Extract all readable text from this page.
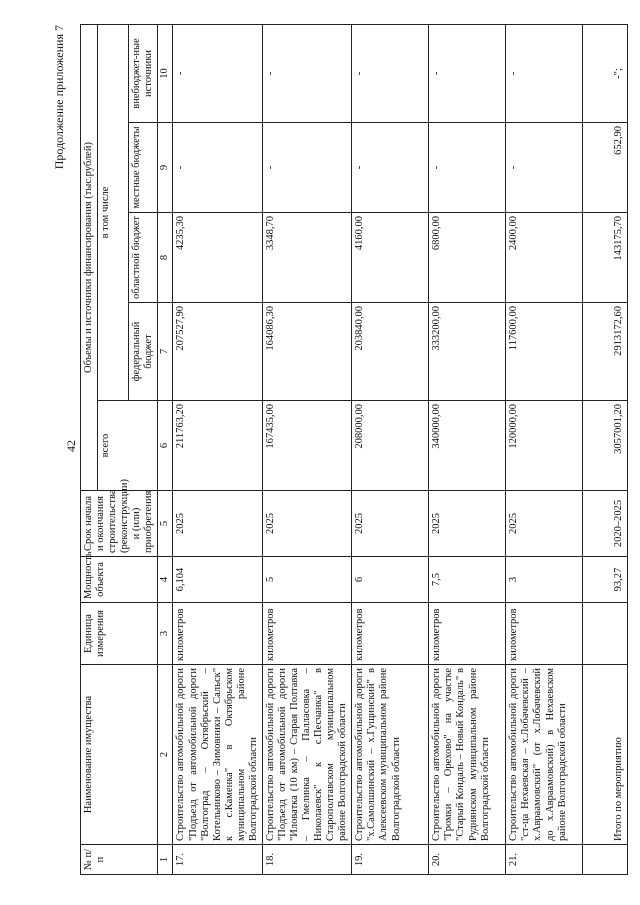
42
Продолжение приложения 7
№ п/п	Наименование имущества	Единица измерения	Мощность объекта	Срок начала и окончания строительства (реконструкции) и (или) приобретения	Объемы и источники финансирования (тыс.рублей)				
					всего	в том числе			
						федеральный бюджет	областной бюджет	местные бюджеты	внебюджет-ные источники
1	2	3	4	5	6	7	8	9	10
17.	Строительство автомобильной дороги "Подъезд от автомобильной дороги "Волгоград – Октябрьский – Котельниково – Зимовники – Сальск" к с.Каменка" в Октябрьском муниципальном районе Волгоградской области	километров	6,104	2025	211763,20	207527,90	4235,30	-	-
18.	Строительство автомобильной дороги "Подъезд от автомобильной дороги "Иловатка (10 км) – Старая Полтавка – Гмелинка – Палласовка – Николаевск" к с.Песчанка" в Старополтавском муниципальном районе Волгоградской области	километров	5	2025	167435,00	164086,30	3348,70	-	-
19.	Строительство автомобильной дороги "х.Самолшинский – х.Гущинский" в Алексеевском муниципальном районе Волгоградской области	километров	6	2025	208000,00	203840,00	4160,00	-	-
20.	Строительство автомобильной дороги "Громки – Орехово" на участке "Старый Кондаль – Новый Кондаль" в Руднянском муниципальном районе Волгоградской области	километров	7,5	2025	340000,00	333200,00	6800,00	-	-
21.	Строительство автомобильной дороги "ст-ца Нехаевская – х.Лобачевский – х.Авраамовский" (от х.Лобачевский до х.Авраамовский) в Нехаевском районе Волгоградской области	километров	3	2025	120000,00	117600,00	2400,00	-	-
	Итого по мероприятию		93,27	2020–2025	3057001,20	2913172,60	143175,70	652,90	-";
